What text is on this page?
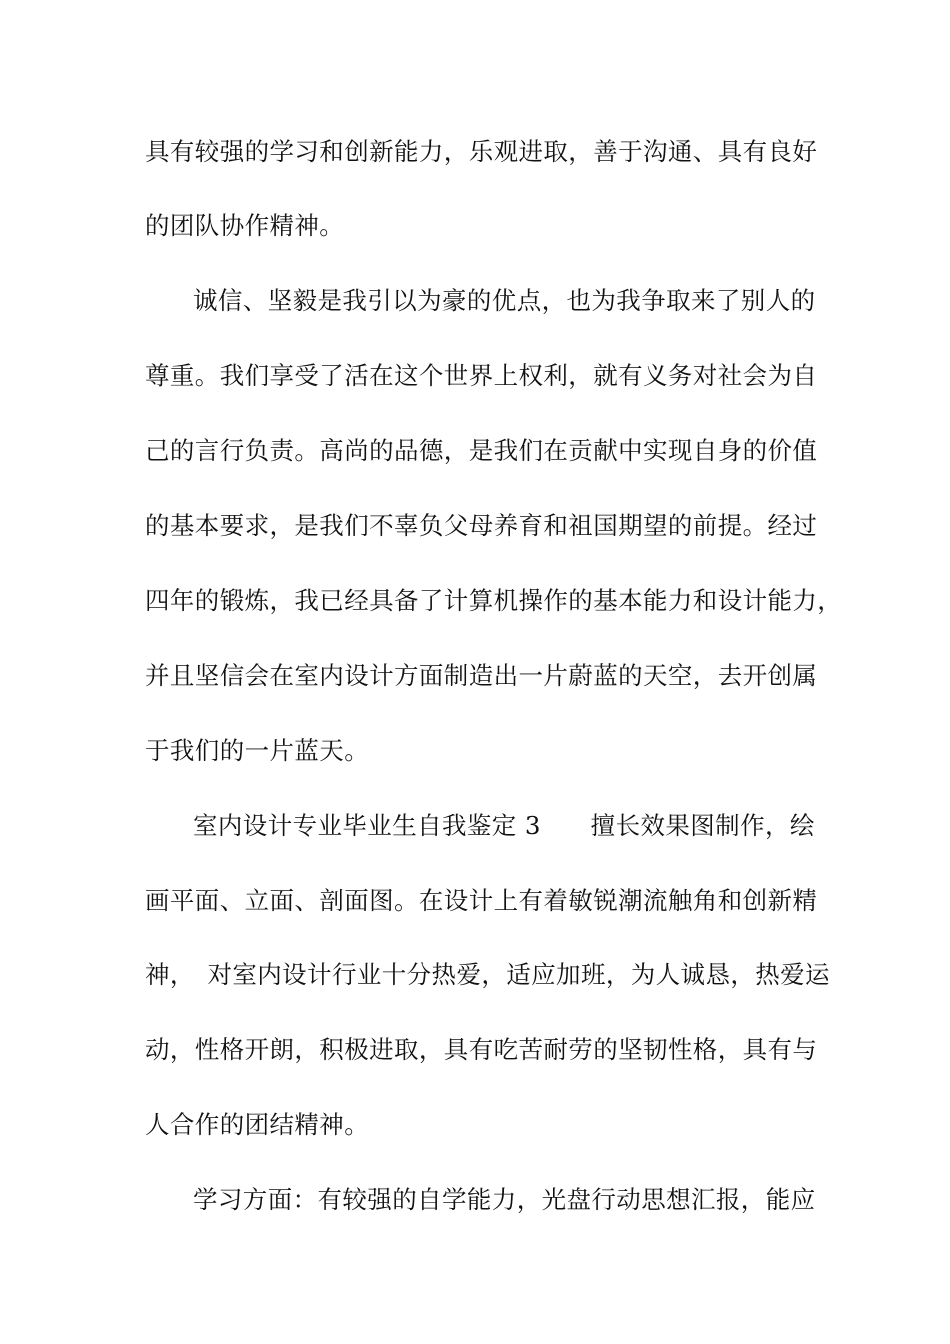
具有较强的学习和创新能力，乐观进取，善于沟通、具有良好
的团队协作精神。
诚信、坚毅是我引以为豪的优点，也为我争取来了别人的
尊重。我们享受了活在这个世界上权利，就有义务对社会为自
己的言行负责。高尚的品德，是我们在贡献中实现自身的价值
的基本要求，是我们不辜负父母养育和祖国期望的前提。经过
四年的锻炼，我已经具备了计算机操作的基本能力和设计能力，
并且坚信会在室内设计方面制造出一片蔚蓝的天空，去开创属
于我们的一片蓝天。
室内设计专业毕业生自我鉴定 3　　擅长效果图制作，绘
画平面、立面、剖面图。在设计上有着敏锐潮流触角和创新精
神，　对室内设计行业十分热爱，适应加班，为人诚恳，热爱运
动，性格开朗，积极进取，具有吃苦耐劳的坚韧性格，具有与
人合作的团结精神。
学习方面：有较强的自学能力，光盘行动思想汇报，能应
